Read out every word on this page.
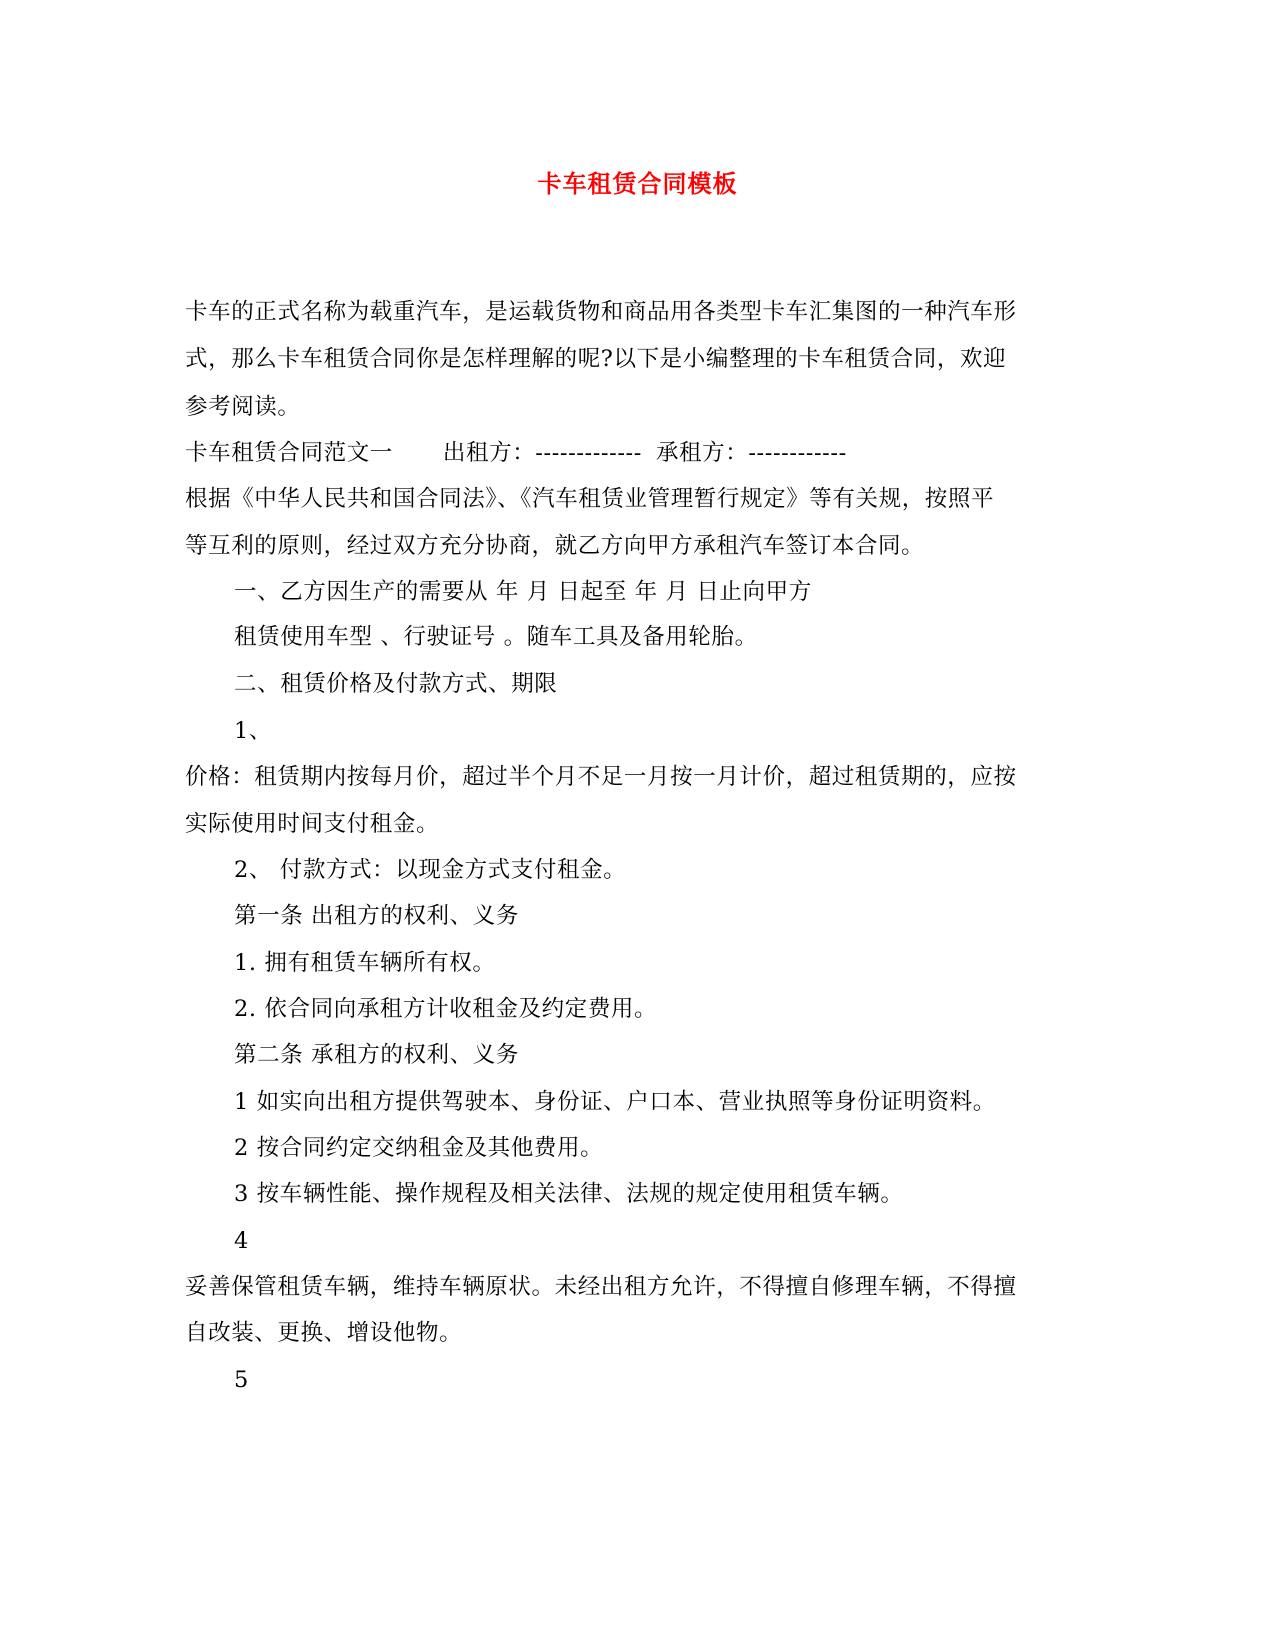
卡车租赁合同模板
卡车的正式名称为载重汽车，是运载货物和商品用各类型卡车汇集图的一种汽车形
式，那么卡车租赁合同你是怎样理解的呢?以下是小编整理的卡车租赁合同，欢迎
参考阅读。
卡车租赁合同范文一 出租方：------------- 承租方：------------
根据《中华人民共和国合同法》、《汽车租赁业管理暂行规定》等有关规，按照平
等互利的原则，经过双方充分协商，就乙方向甲方承租汽车签订本合同。
一、乙方因生产的需要从 年 月 日起至 年 月 日止向甲方
租赁使用车型 、行驶证号 。随车工具及备用轮胎。
二、租赁价格及付款方式、期限
1、
价格：租赁期内按每月价，超过半个月不足一月按一月计价，超过租赁期的，应按
实际使用时间支付租金。
2、 付款方式：以现金方式支付租金。
第一条 出租方的权利、义务
1. 拥有租赁车辆所有权。
2. 依合同向承租方计收租金及约定费用。
第二条 承租方的权利、义务
1 如实向出租方提供驾驶本、身份证、户口本、营业执照等身份证明资料。
2 按合同约定交纳租金及其他费用。
3 按车辆性能、操作规程及相关法律、法规的规定使用租赁车辆。
4
妥善保管租赁车辆，维持车辆原状。未经出租方允许，不得擅自修理车辆，不得擅
自改装、更换、增设他物。
5
